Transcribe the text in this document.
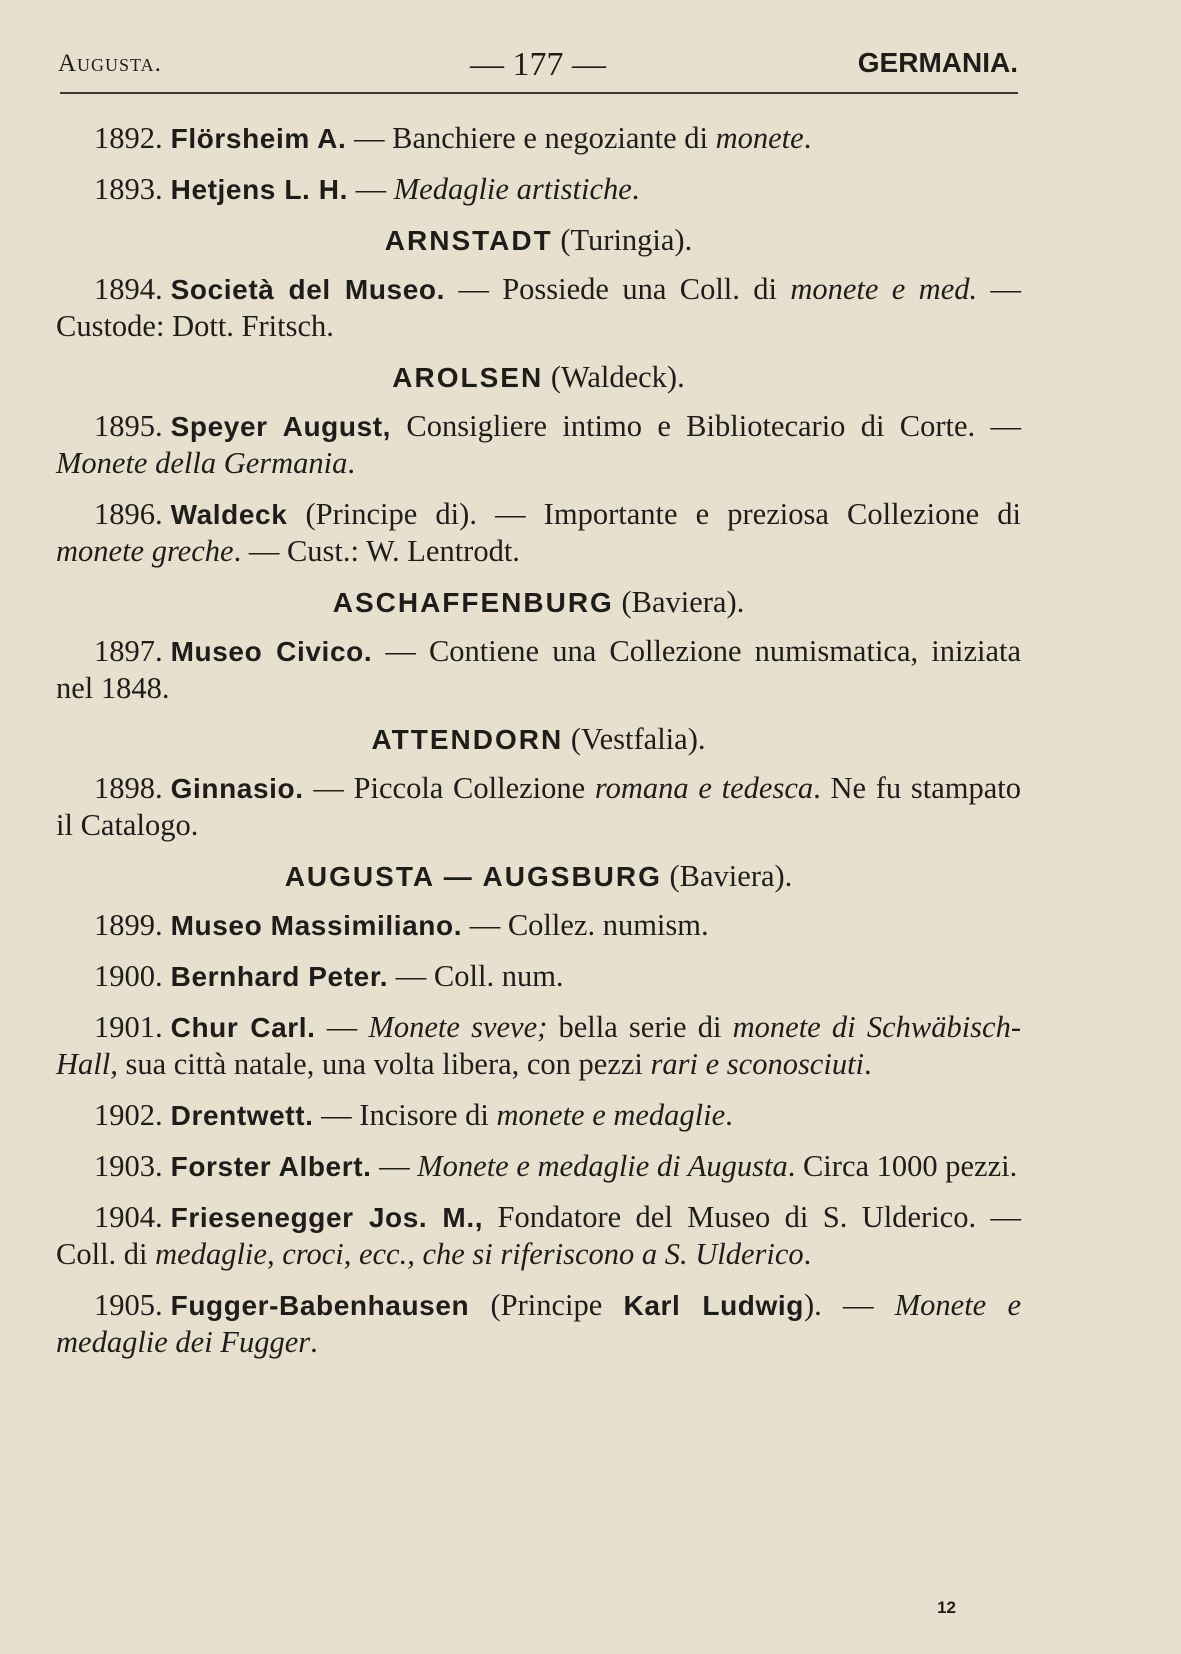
Augusta.	— 177 —	GERMANIA.

1892. Flörsheim A. — Banchiere e negoziante di monete.

1893. Hetjens L. H. — Medaglie artistiche.

ARNSTADT (Turingia).

1894. Società del Museo. — Possiede una Coll. di monete e med. — Custode: Dott. Fritsch.

AROLSEN (Waldeck).

1895. Speyer August, Consigliere intimo e Bibliotecario di Corte. — Monete della Germania.

1896. Waldeck (Principe di). — Importante e preziosa Collezione di monete greche. — Cust.: W. Lentrodt.

ASCHAFFENBURG (Baviera).

1897. Museo Civico. — Contiene una Collezione numismatica, iniziata nel 1848.

ATTENDORN (Vestfalia).

1898. Ginnasio. — Piccola Collezione romana e tedesca. Ne fu stampato il Catalogo.

AUGUSTA — AUGSBURG (Baviera).

1899. Museo Massimiliano. — Collez. numism.

1900. Bernhard Peter. — Coll. num.

1901. Chur Carl. — Monete sveve; bella serie di monete di Schwäbisch-Hall, sua città natale, una volta libera, con pezzi rari e sconosciuti.

1902. Drentwett. — Incisore di monete e medaglie.

1903. Forster Albert. — Monete e medaglie di Augusta. Circa 1000 pezzi.

1904. Friesenegger Jos. M., Fondatore del Museo di S. Ulderico. — Coll. di medaglie, croci, ecc., che si riferiscono a S. Ulderico.

1905. Fugger-Babenhausen (Principe Karl Ludwig). — Monete e medaglie dei Fugger.

12
